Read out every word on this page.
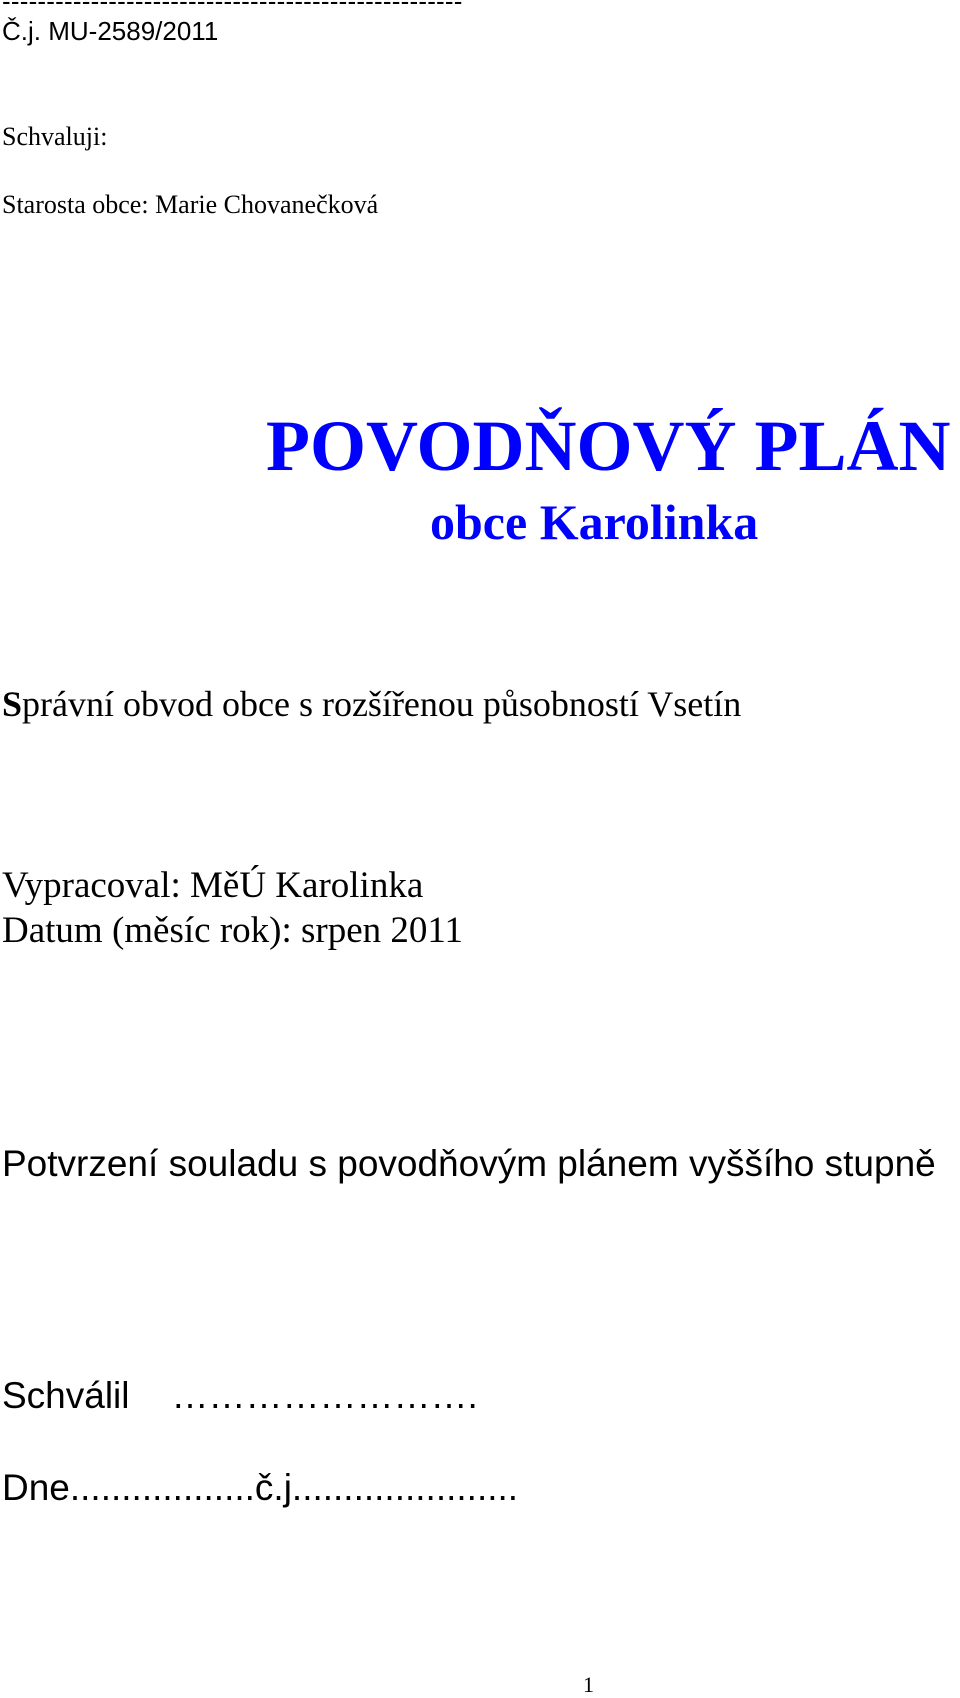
----------------------------------------------------
Č.j. MU-2589/2011
Schvaluji:
Starosta obce: Marie Chovanečková
POVODŇOVÝ PLÁN
obce Karolinka
Správní obvod obce s rozšířenou působností Vsetín
Vypracoval: MěÚ Karolinka
Datum (měsíc rok): srpen 2011
Potvrzení souladu s povodňovým plánem vyššího stupně
Schválil …………………….
Dne..................č.j......................
1
